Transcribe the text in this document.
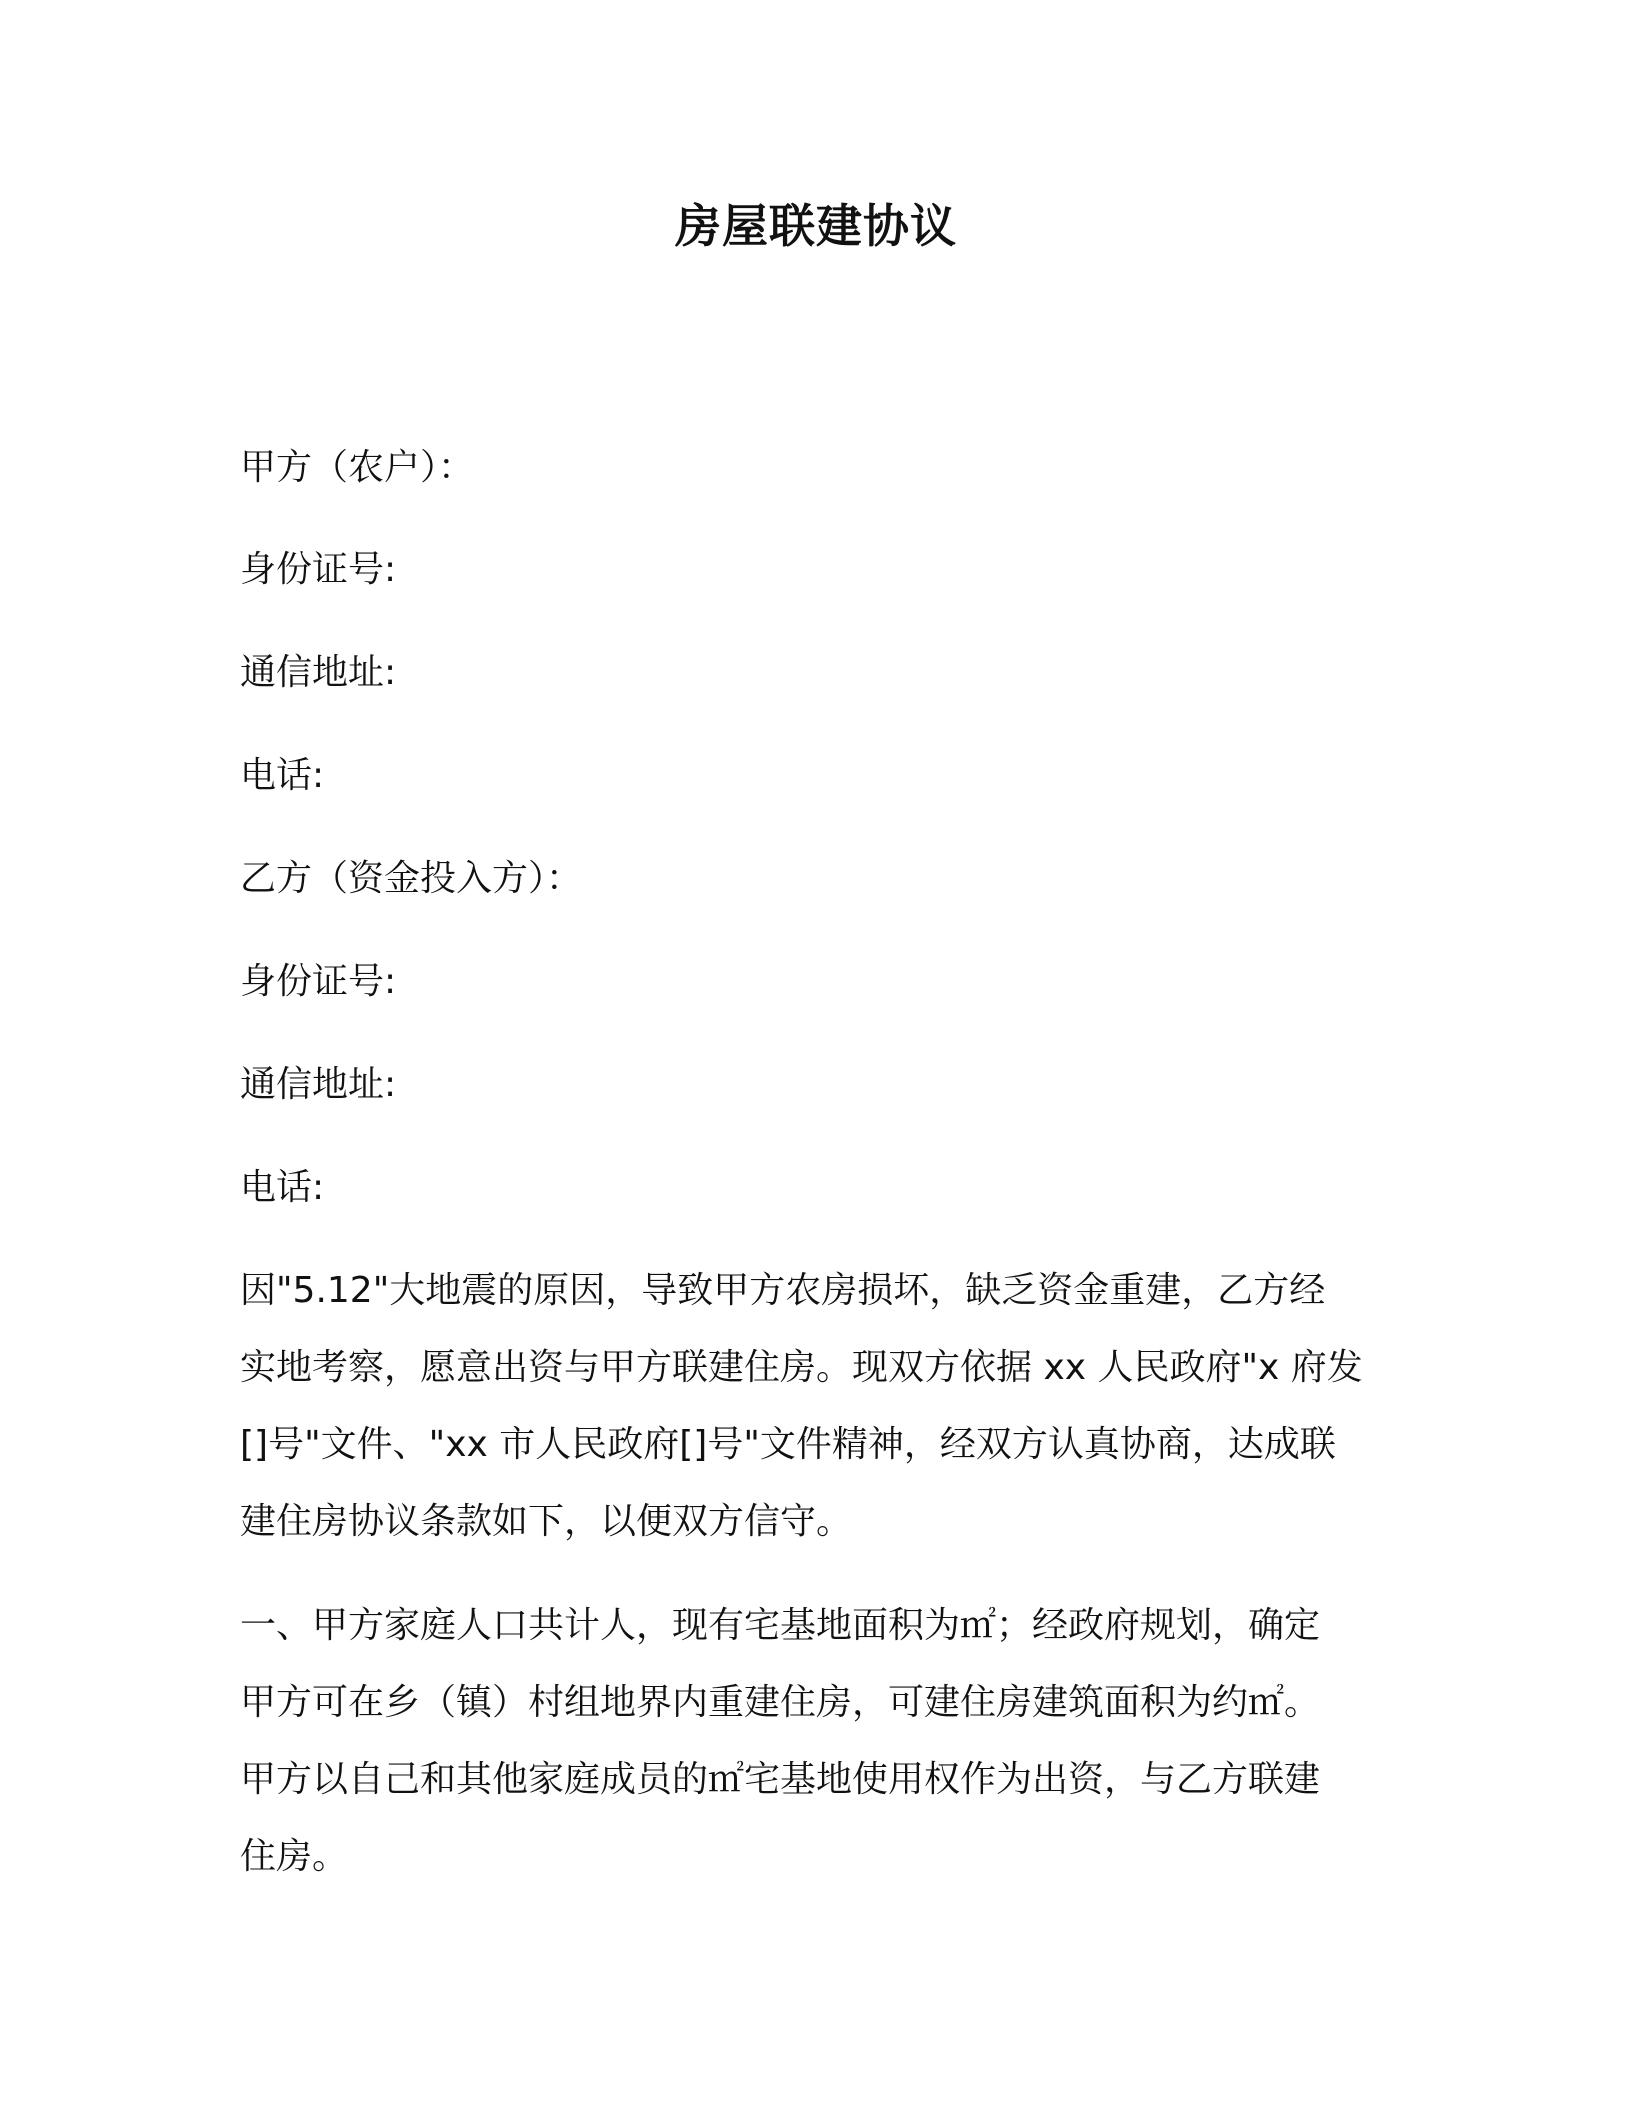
房屋联建协议
甲方（农户）：
身份证号:
通信地址:
电话:
乙方（资金投入方）：
身份证号:
通信地址:
电话:
因"5.12"大地震的原因，导致甲方农房损坏，缺乏资金重建，乙方经
实地考察，愿意出资与甲方联建住房。现双方依据 xx 人民政府"x 府发
[]号"文件、"xx 市人民政府[]号"文件精神，经双方认真协商，达成联
建住房协议条款如下，以便双方信守。
一、甲方家庭人口共计人，现有宅基地面积为㎡；经政府规划，确定
甲方可在乡（镇）村组地界内重建住房，可建住房建筑面积为约㎡。
甲方以自己和其他家庭成员的㎡宅基地使用权作为出资，与乙方联建
住房。
